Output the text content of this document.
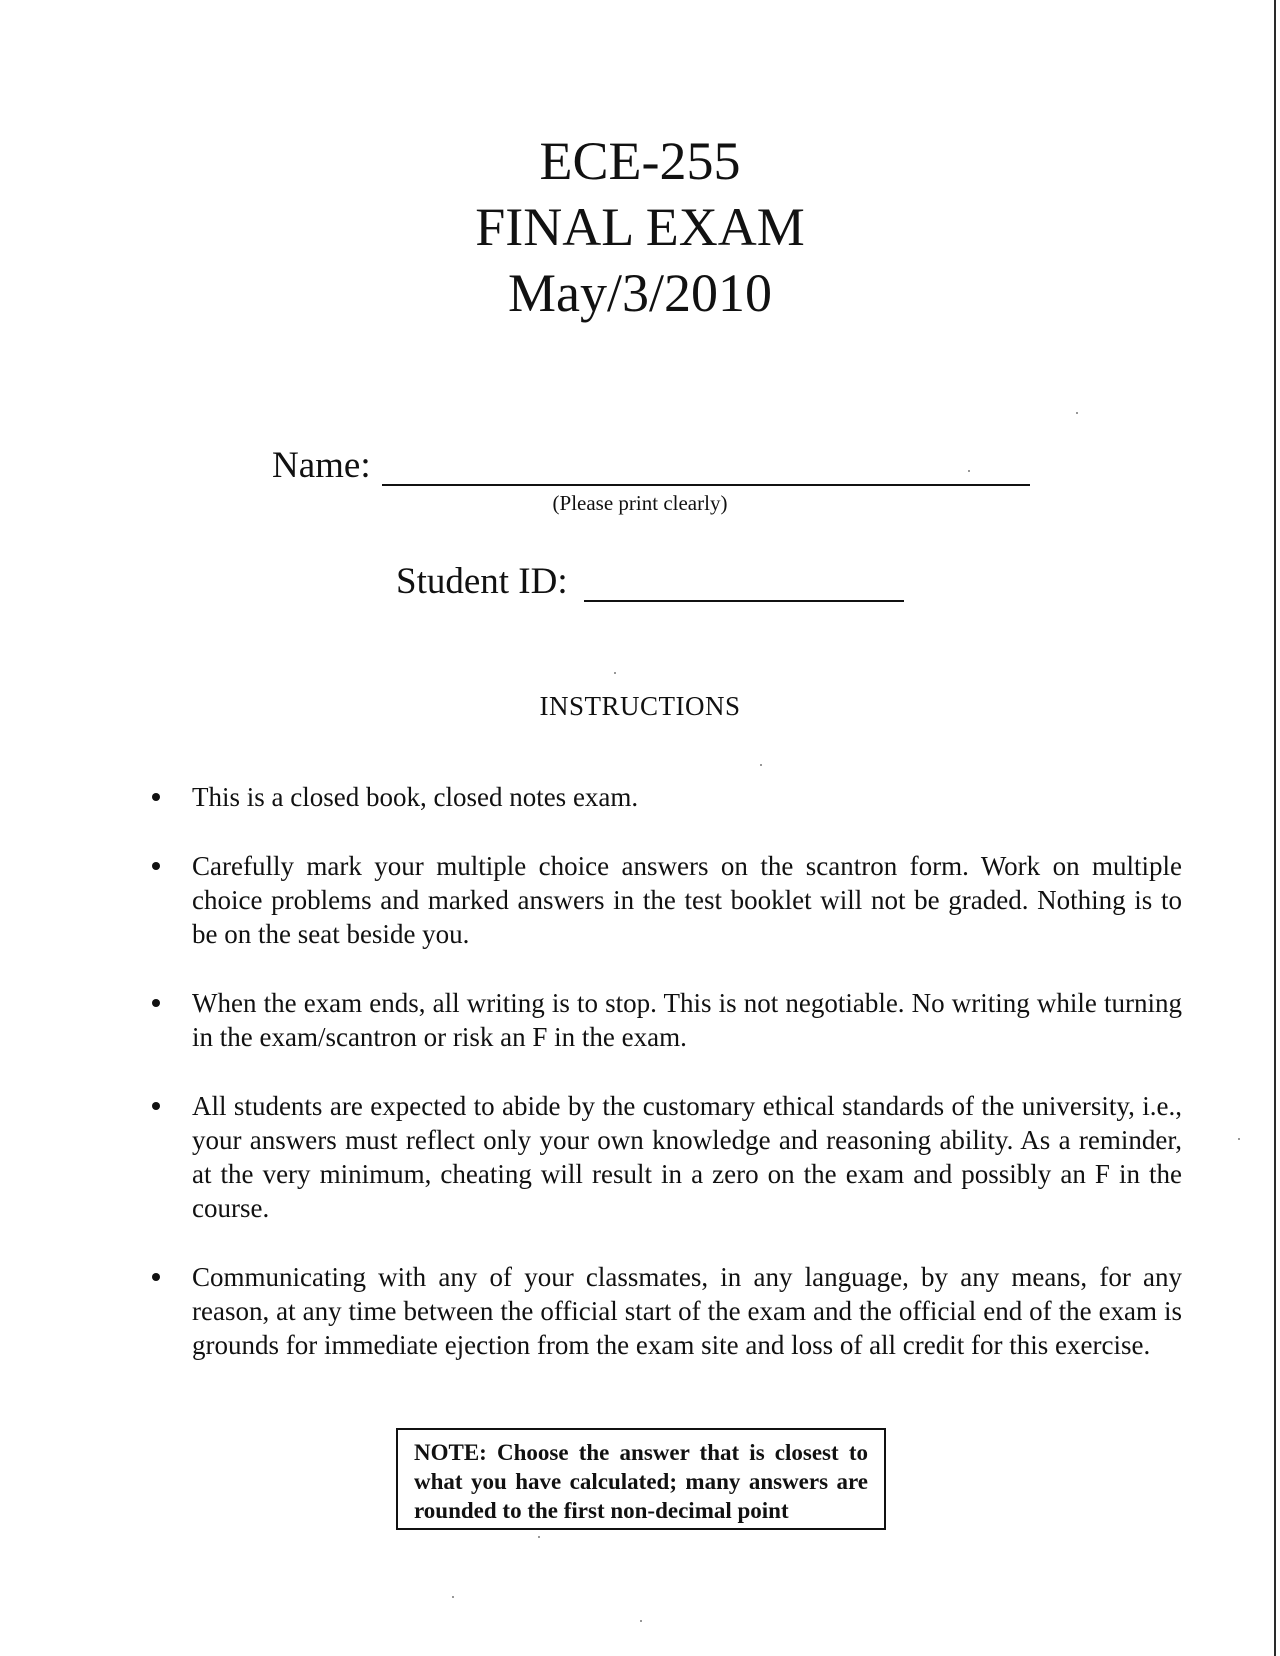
ECE-255
FINAL EXAM
May/3/2010
Name:
(Please print clearly)
Student ID:
INSTRUCTIONS
This is a closed book, closed notes exam.
Carefully mark your multiple choice answers on the scantron form. Work on multiple choice problems and marked answers in the test booklet will not be graded. Nothing is to be on the seat beside you.
When the exam ends, all writing is to stop. This is not negotiable. No writing while turning in the exam/scantron or risk an F in the exam.
All students are expected to abide by the customary ethical standards of the university, i.e., your answers must reflect only your own knowledge and reasoning ability. As a reminder, at the very minimum, cheating will result in a zero on the exam and possibly an F in the course.
Communicating with any of your classmates, in any language, by any means, for any reason, at any time between the official start of the exam and the official end of the exam is grounds for immediate ejection from the exam site and loss of all credit for this exercise.
NOTE: Choose the answer that is closest to what you have calculated; many answers are rounded to the first non-decimal point
